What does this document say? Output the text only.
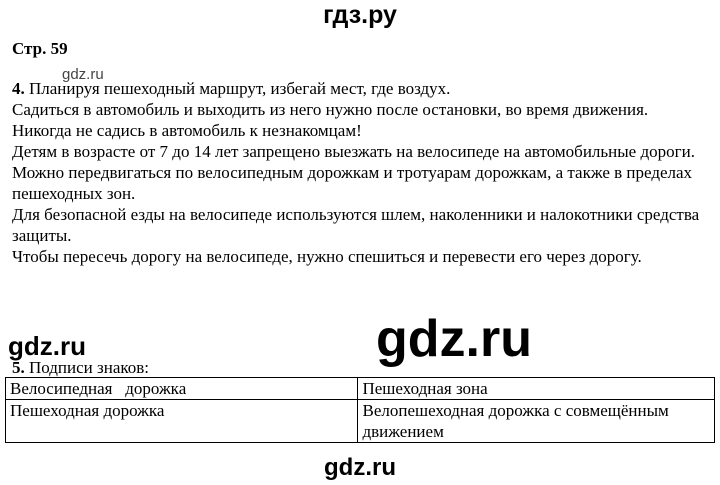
гдз.ру
Стр. 59

4. Планируя пешеходный маршрут, избегай мест, где воздух.

Садиться в автомобиль и выходить из него нужно после остановки, во время движения.

Никогда не садись в автомобиль к незнакомцам!

Детям в возрасте от 7 до 14 лет запрещено выезжать на велосипеде на автомобильные дороги.

Можно передвигаться по велосипедным дорожкам и тротуарам дорожкам, а также в пределах пешеходных зон.

Для безопасной езды на велосипеде используются шлем, наколенники и налокотники средства защиты.

Чтобы пересечь дорогу на велосипеде, нужно спешиться и перевести его через дорогу.

gdz.ru
gdz.ru	gdz.ru
5. Подписи знаков:
Велосипедная   дорожка	Пешеходная зона
Пешеходная дорожка	Велопешеходная дорожка с совмещённым движением
gdz.ru
